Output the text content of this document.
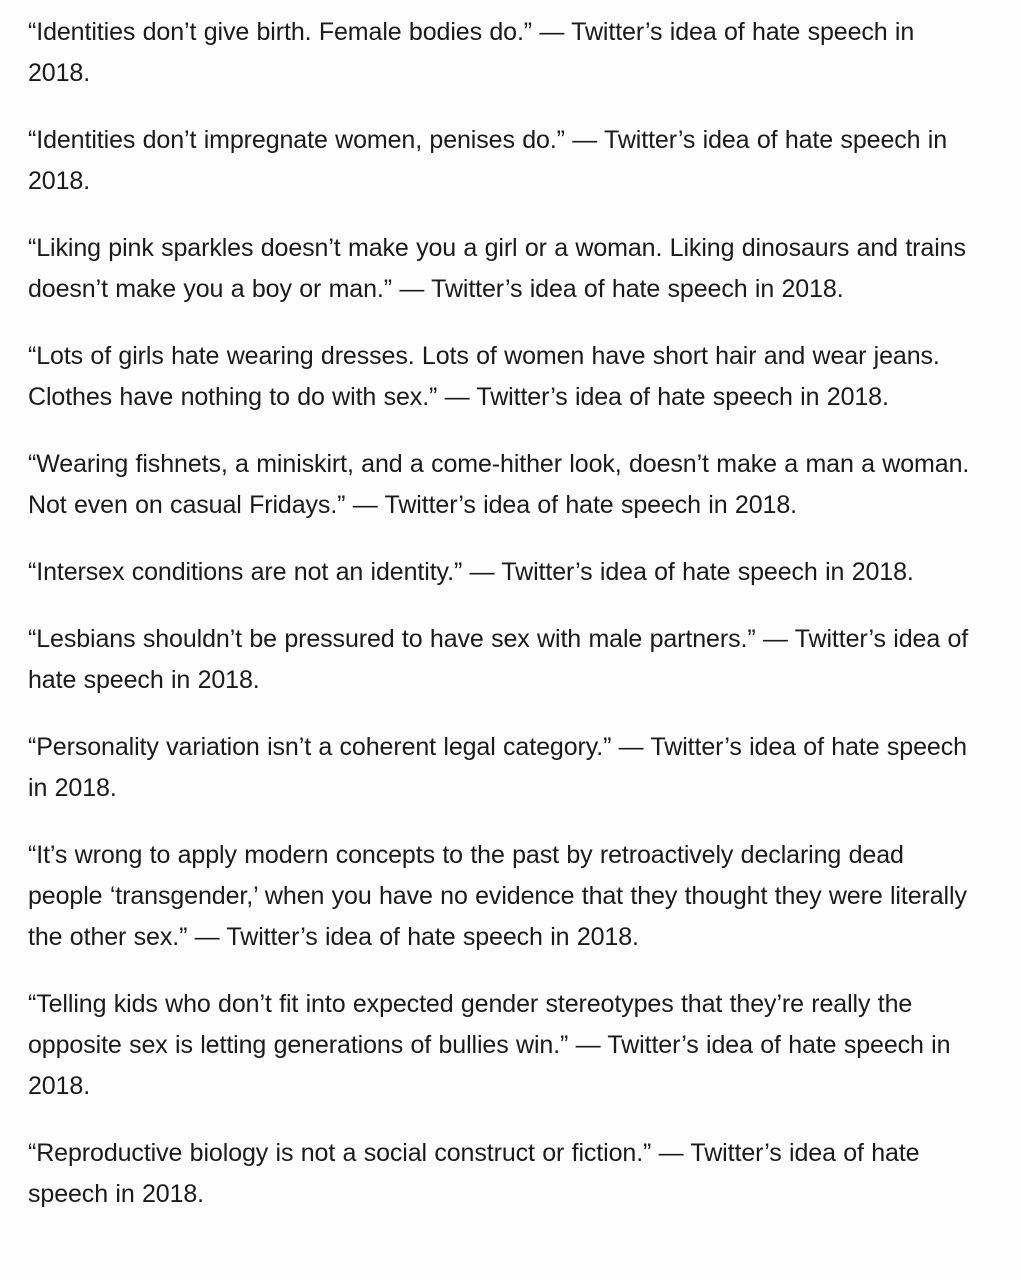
“Identities don’t give birth. Female bodies do.” — Twitter’s idea of hate speech in 2018.

“Identities don’t impregnate women, penises do.” — Twitter’s idea of hate speech in 2018.

“Liking pink sparkles doesn’t make you a girl or a woman. Liking dinosaurs and trains doesn’t make you a boy or man.” — Twitter’s idea of hate speech in 2018.

“Lots of girls hate wearing dresses. Lots of women have short hair and wear jeans. Clothes have nothing to do with sex.” — Twitter’s idea of hate speech in 2018.

“Wearing fishnets, a miniskirt, and a come-hither look, doesn’t make a man a woman. Not even on casual Fridays.” — Twitter’s idea of hate speech in 2018.

“Intersex conditions are not an identity.” — Twitter’s idea of hate speech in 2018.

“Lesbians shouldn’t be pressured to have sex with male partners.” — Twitter’s idea of hate speech in 2018.

“Personality variation isn’t a coherent legal category.” — Twitter’s idea of hate speech in 2018.

“It’s wrong to apply modern concepts to the past by retroactively declaring dead people ‘transgender,’ when you have no evidence that they thought they were literally the other sex.” — Twitter’s idea of hate speech in 2018.

“Telling kids who don’t fit into expected gender stereotypes that they’re really the opposite sex is letting generations of bullies win.” — Twitter’s idea of hate speech in 2018.

“Reproductive biology is not a social construct or fiction.” — Twitter’s idea of hate speech in 2018.
